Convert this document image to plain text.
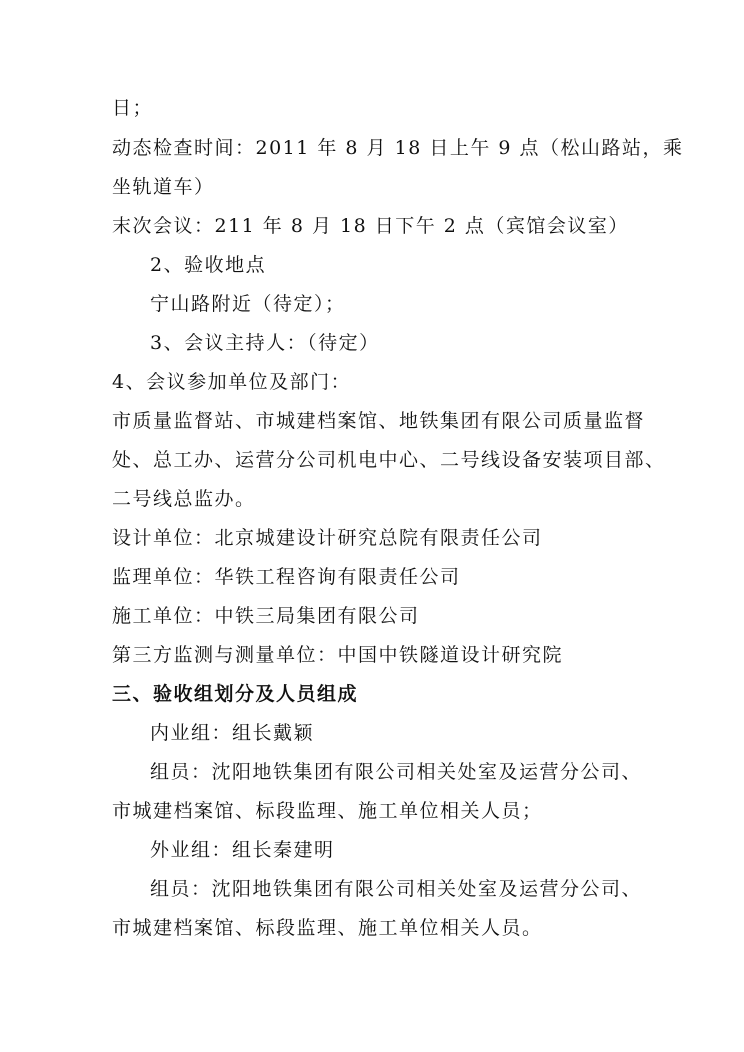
日；
动态检查时间：2011 年 8 月 18 日上午 9 点（松山路站，乘
坐轨道车）
末次会议：211 年 8 月 18 日下午 2 点（宾馆会议室）
2、验收地点
宁山路附近（待定）；
3、会议主持人：（待定）
4、会议参加单位及部门：
市质量监督站、市城建档案馆、地铁集团有限公司质量监督
处、总工办、运营分公司机电中心、二号线设备安装项目部、
二号线总监办。
设计单位：北京城建设计研究总院有限责任公司
监理单位：华铁工程咨询有限责任公司
施工单位：中铁三局集团有限公司
第三方监测与测量单位：中国中铁隧道设计研究院
三、验收组划分及人员组成
内业组：组长戴颖
组员：沈阳地铁集团有限公司相关处室及运营分公司、
市城建档案馆、标段监理、施工单位相关人员；
外业组：组长秦建明
组员：沈阳地铁集团有限公司相关处室及运营分公司、
市城建档案馆、标段监理、施工单位相关人员。
